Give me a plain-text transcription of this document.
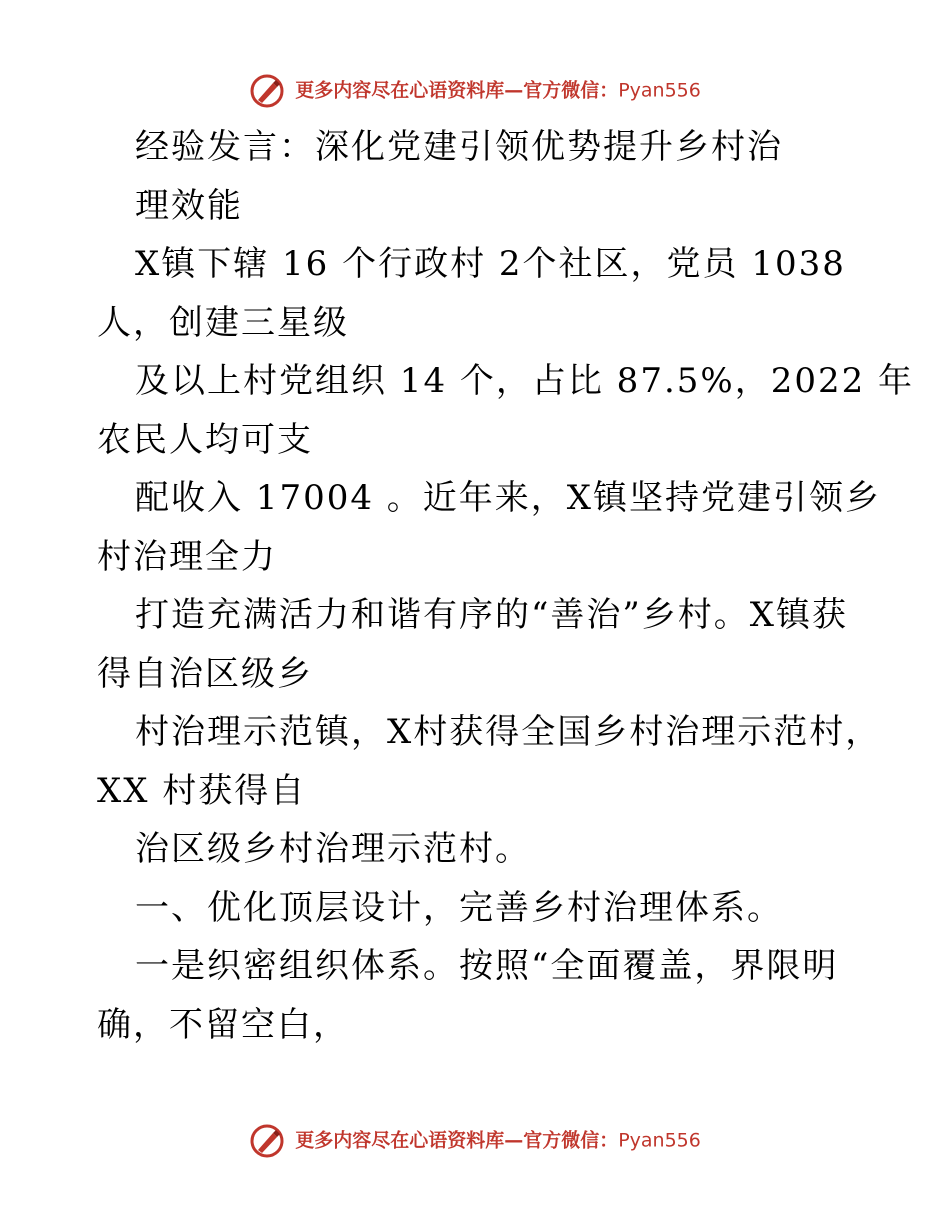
更多内容尽在心语资料库—官方微信：Pyan556
经验发言：深化党建引领优势提升乡村治
理效能
X镇下辖 16 个行政村 2个社区，党员 1038
人，创建三星级
及以上村党组织 14 个，占比 87.5%，2022 年
农民人均可支
配收入 17004 。近年来，X镇坚持党建引领乡
村治理全力
打造充满活力和谐有序的“善治”乡村。X镇获
得自治区级乡
村治理示范镇，X村获得全国乡村治理示范村，
XX 村获得自
治区级乡村治理示范村。
一、优化顶层设计，完善乡村治理体系。
一是织密组织体系。按照“全面覆盖，界限明
确，不留空白，
更多内容尽在心语资料库—官方微信：Pyan556
